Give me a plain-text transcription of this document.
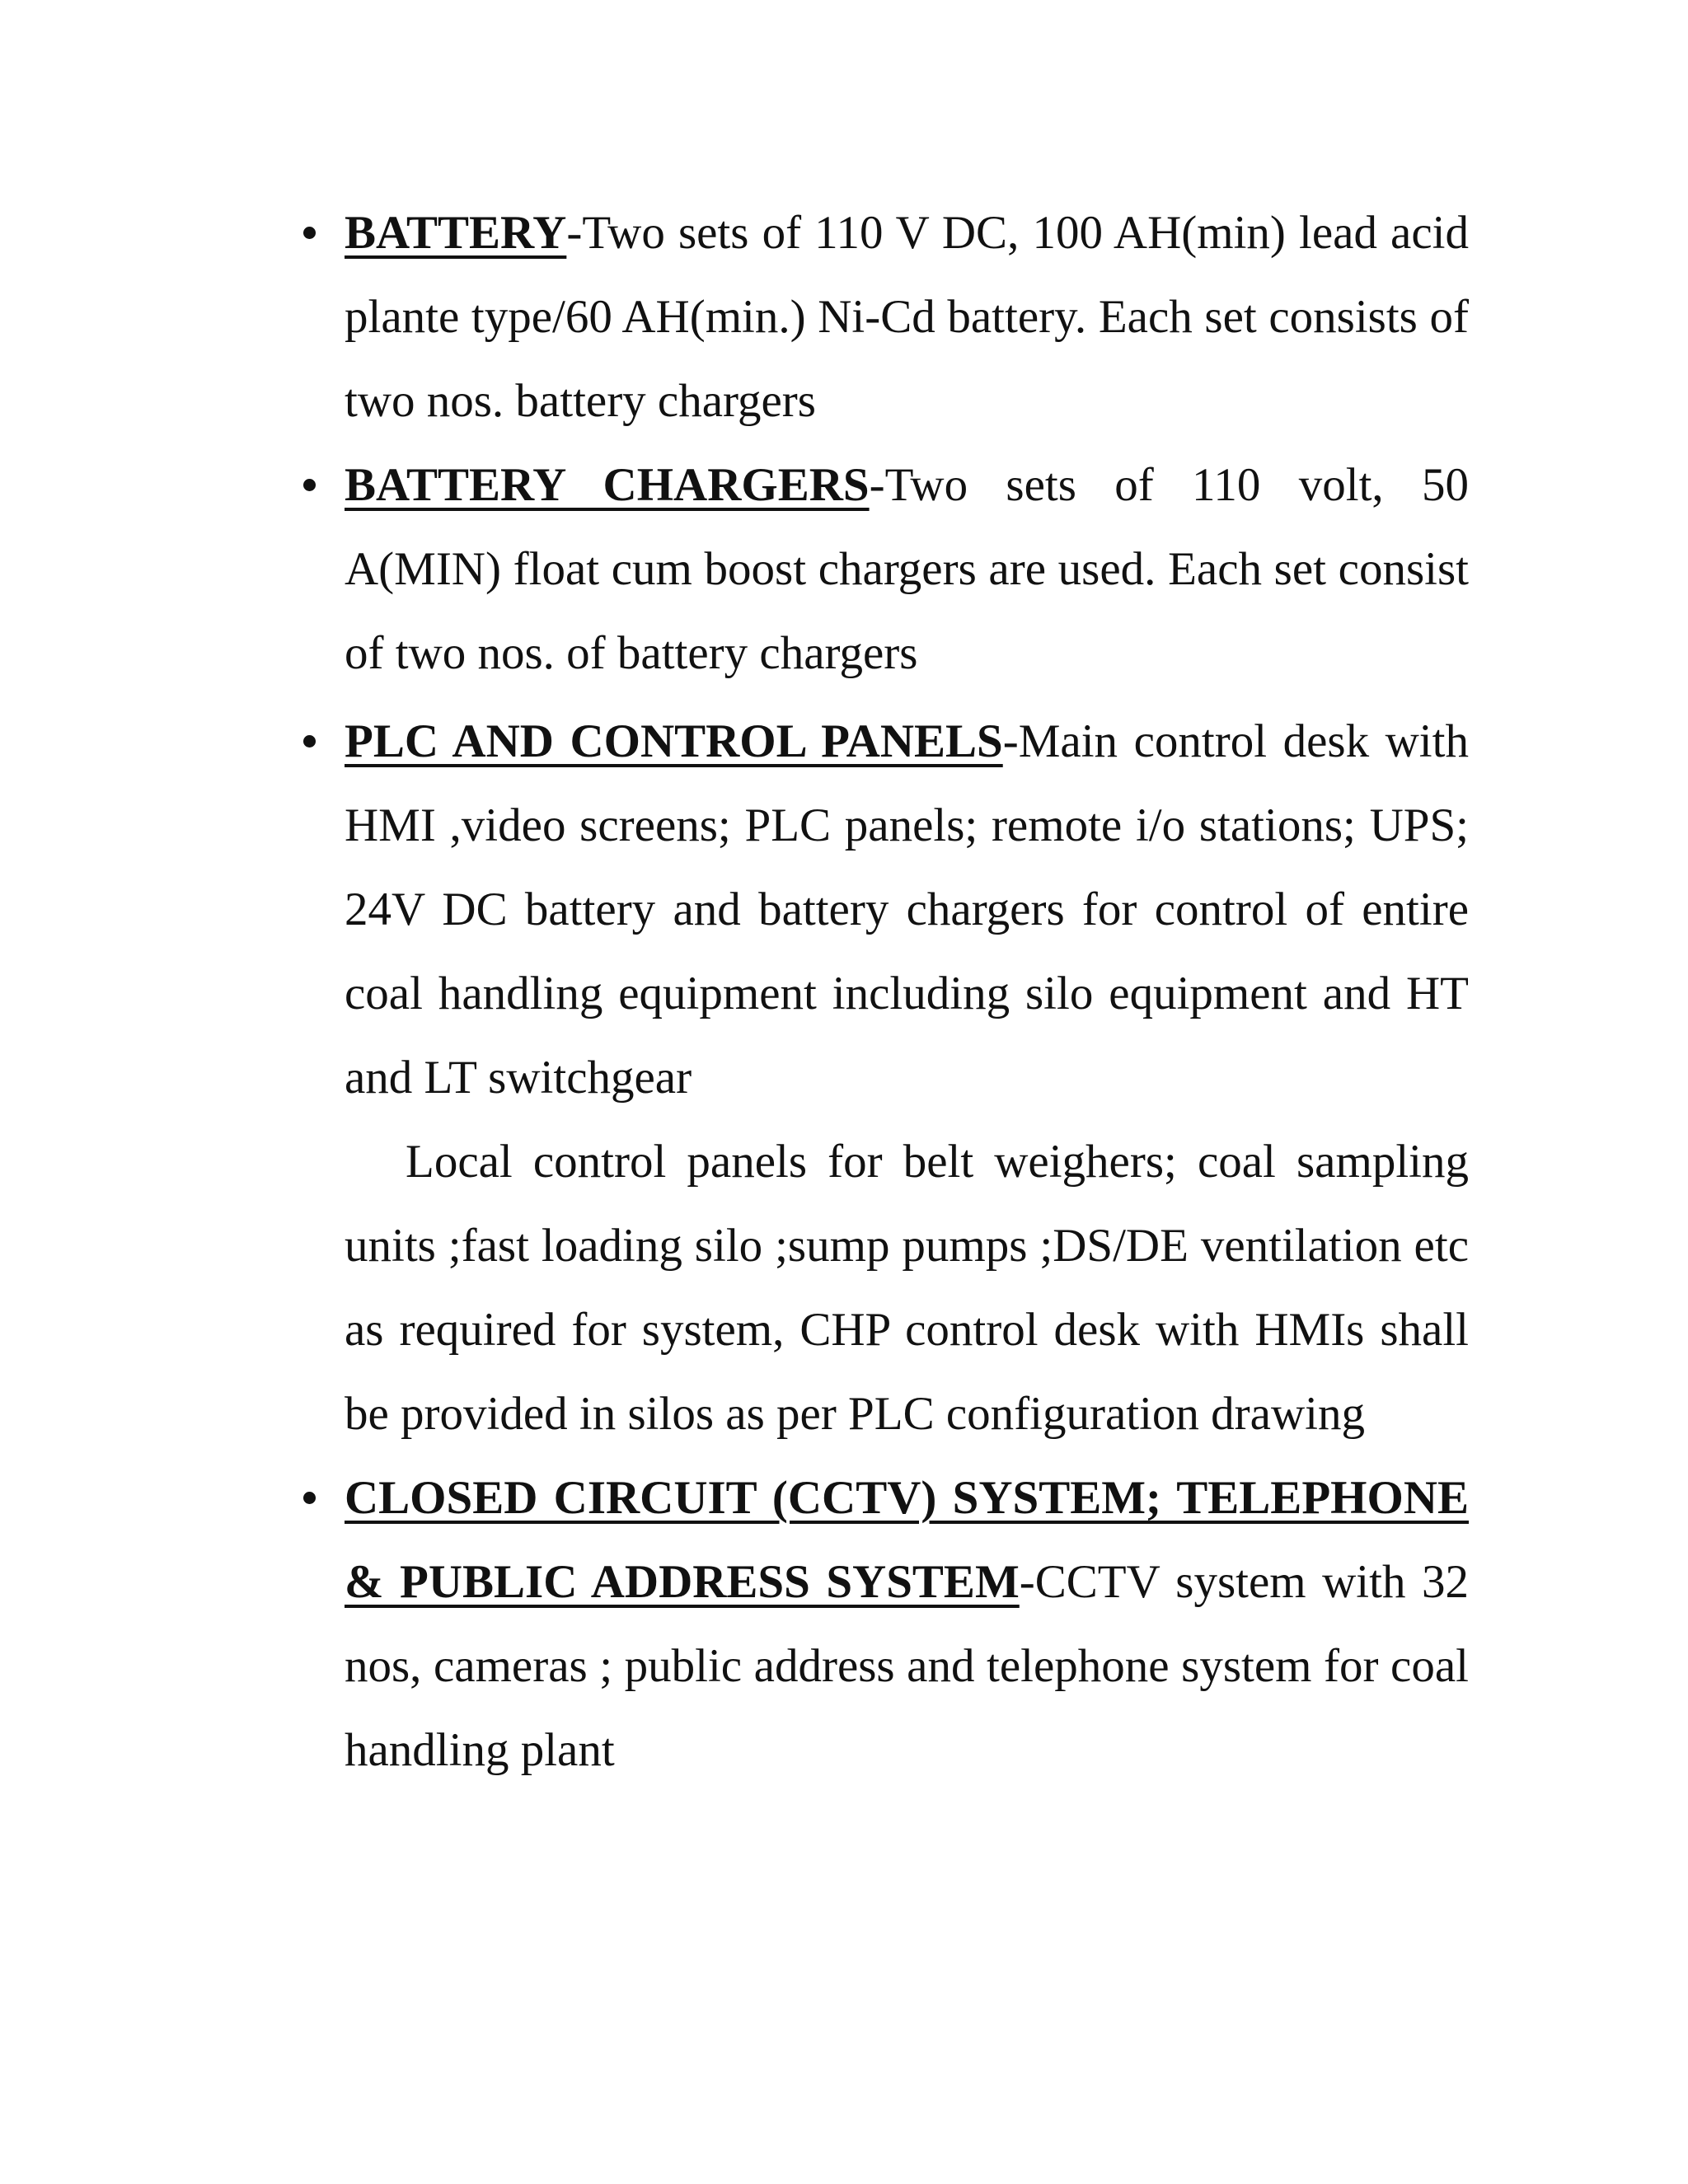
BATTERY-Two sets of 110 V DC, 100 AH(min) lead acid plante type/60 AH(min.) Ni-Cd battery. Each set consists of two nos. battery chargers
BATTERY CHARGERS-Two sets of 110 volt, 50 A(MIN) float cum boost chargers are used. Each set consist of two nos. of battery chargers
PLC AND CONTROL PANELS-Main control desk with HMI ,video screens; PLC panels; remote i/o stations; UPS; 24V DC battery and battery chargers for control of entire coal handling equipment including silo equipment and HT and LT switchgear

Local control panels for belt weighers; coal sampling units ;fast loading silo ;sump pumps ;DS/DE ventilation etc as required for system, CHP control desk with HMIs shall be provided in silos as per PLC configuration drawing

CLOSED CIRCUIT (CCTV) SYSTEM; TELEPHONE & PUBLIC ADDRESS SYSTEM-CCTV system with 32 nos, cameras ; public address and telephone system for coal handling plant
